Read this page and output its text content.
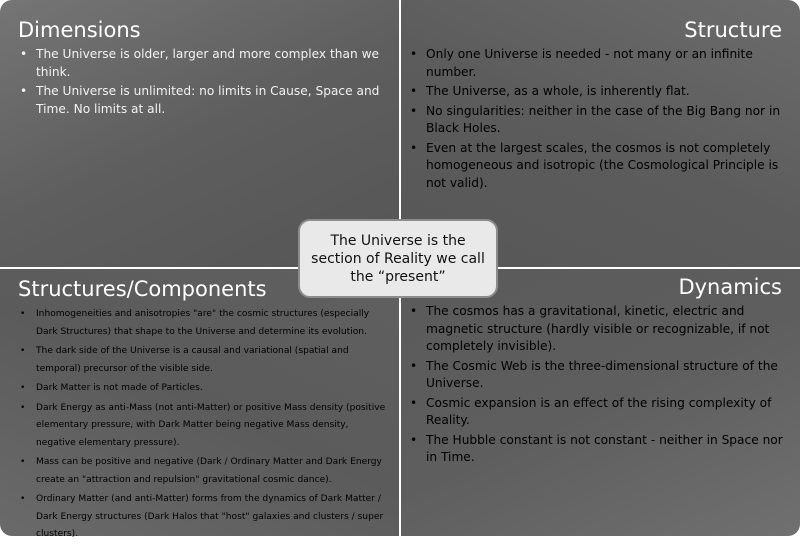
Dimensions
• The Universe is older, larger and more complex than we think.
• The Universe is unlimited: no limits in Cause, Space and Time. No limits at all.
Structure
Structures/Components	Dynamics
• Only one Universe is needed - not many or an infinite number.
• The Universe, as a whole, is inherently flat.
• No singularities: neither in the case of the Big Bang nor in Black Holes.
• Even at the largest scales, the cosmos is not completely homogeneous and isotropic (the Cosmological Principle is not valid).
• Inhomogeneities and anisotropies "are" the cosmic structures (especially Dark Structures) that shape to the Universe and determine its evolution.
• The dark side of the Universe is a causal and variational (spatial and temporal) precursor of the visible side.
• Dark Matter is not made of Particles.
• Dark Energy as anti-Mass (not anti-Matter) or positive Mass density (positive elementary pressure, with Dark Matter being negative Mass density, negative elementary pressure).
• Mass can be positive and negative (Dark / Ordinary Matter and Dark Energy create an "attraction and repulsion" gravitational cosmic dance).
• Ordinary Matter (and anti-Matter) forms from the dynamics of Dark Matter / Dark Energy structures (Dark Halos that "host" galaxies and clusters / super clusters).
• The cosmos has a gravitational, kinetic, electric and magnetic structure (hardly visible or recognizable, if not completely invisible).
• The Cosmic Web is the three-dimensional structure of the Universe.
• Cosmic expansion is an effect of the rising complexity of Reality.
• The Hubble constant is not constant - neither in Space nor in Time.
The Universe is the section of Reality we call the “present”
